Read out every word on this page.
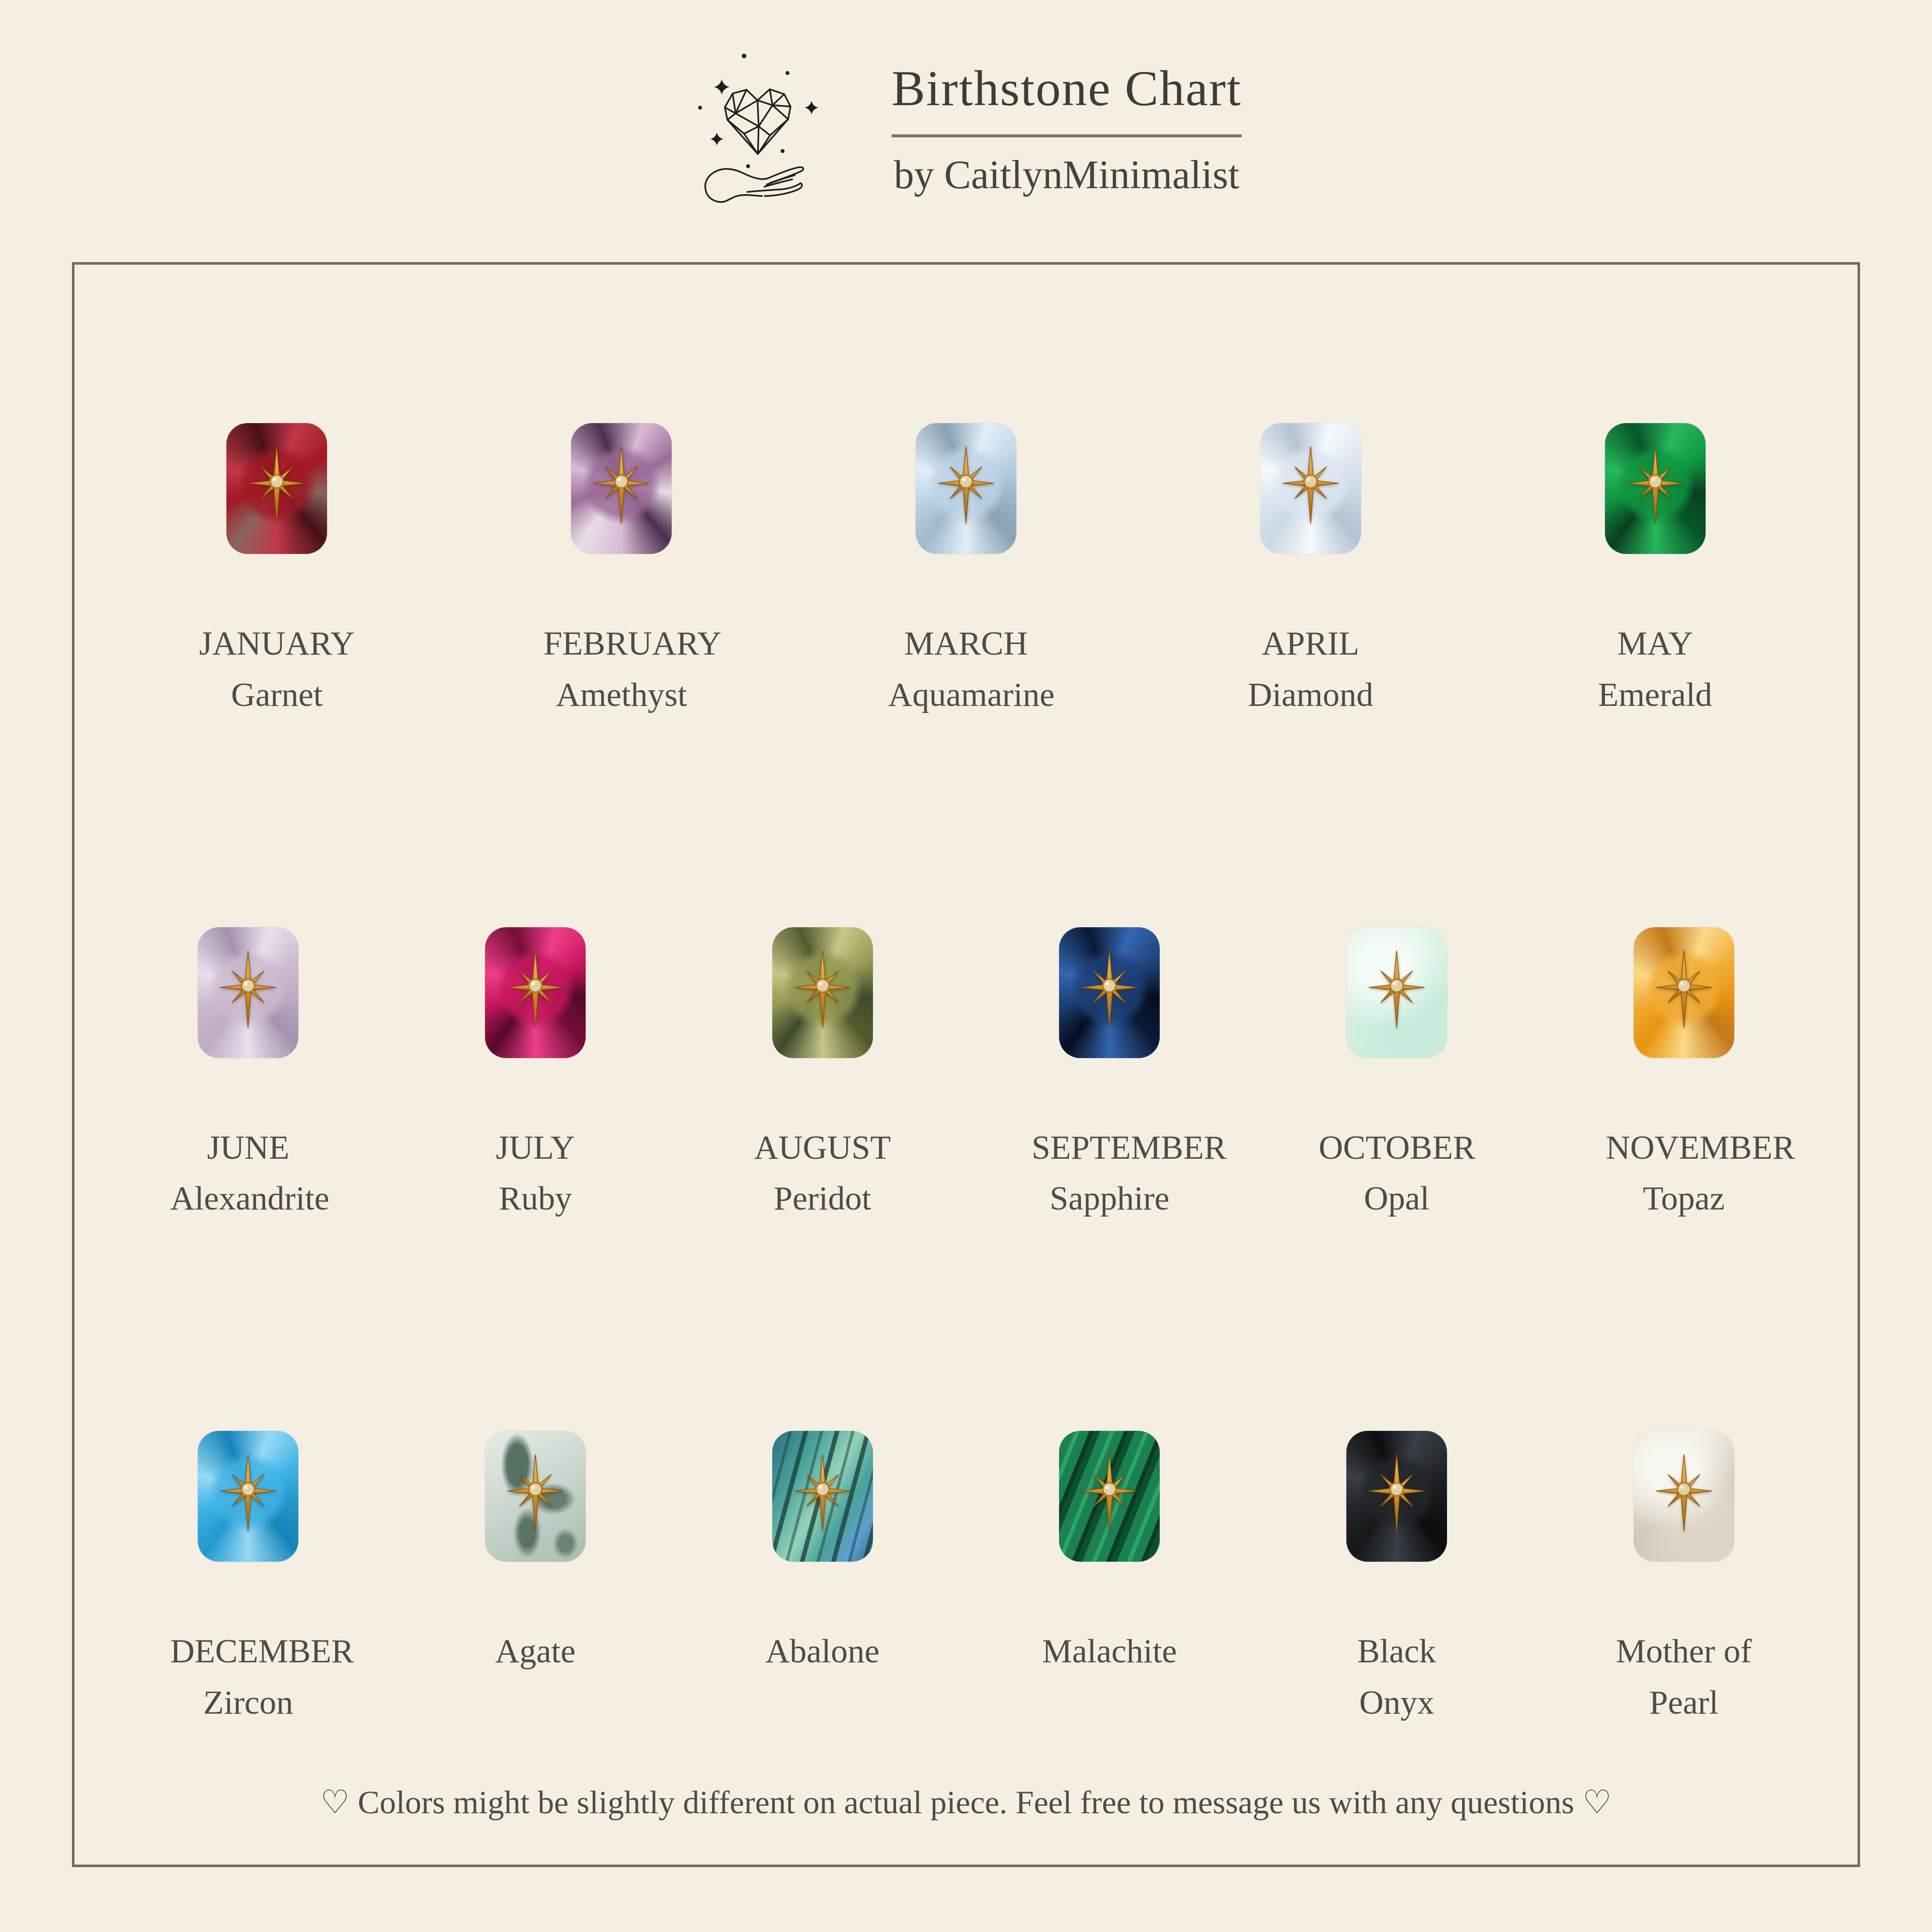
Birthstone Chart
by CaitlynMinimalist
JANUARY
Garnet
FEBRUARY
Amethyst
MARCH
Aquamarine
APRIL
Diamond
MAY
Emerald
JUNE
Alexandrite
JULY
Ruby
AUGUST
Peridot
SEPTEMBER
Sapphire
OCTOBER
Opal
NOVEMBER
Topaz
DECEMBER
Zircon
Agate	Abalone	Malachite	Black Onyx
Mother of Pearl
♡ Colors might be slightly different on actual piece. Feel free to message us with any questions ♡
